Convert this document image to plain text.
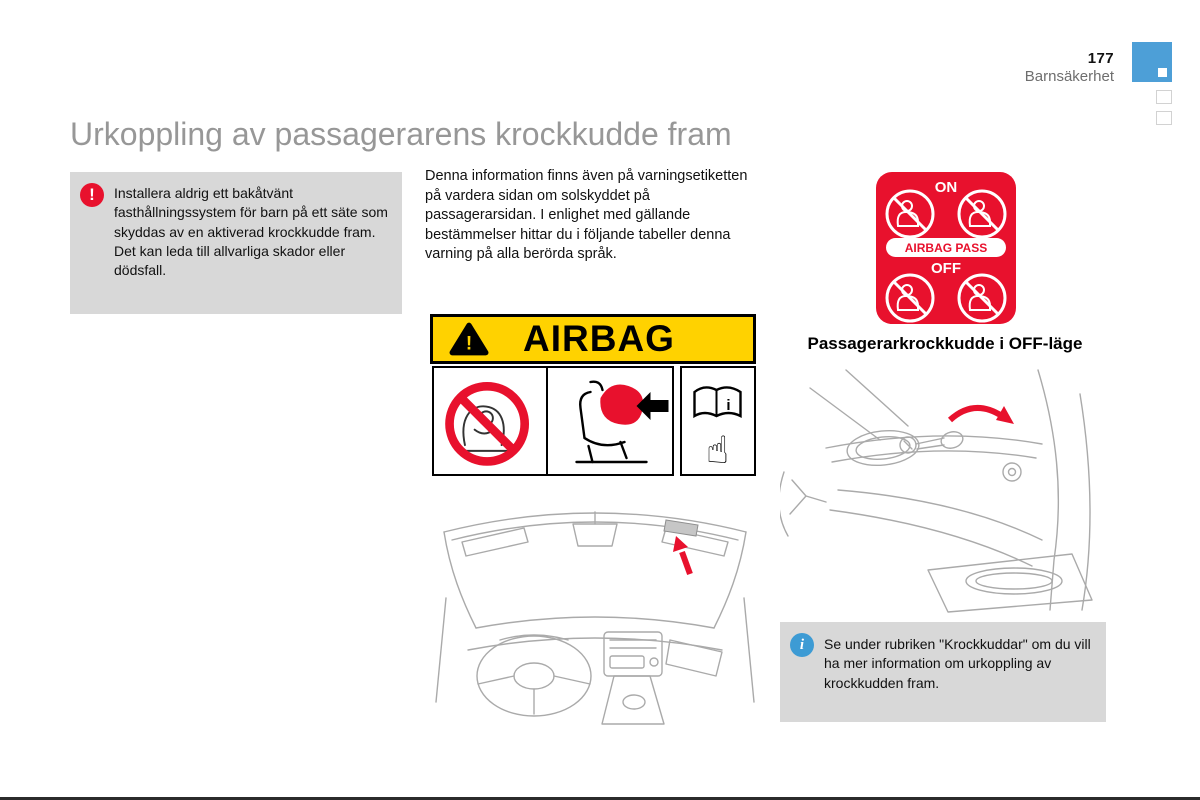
177
Barnsäkerhet
Urkoppling av passagerarens krockkudde fram
!	Installera aldrig ett bakåtvänt fasthållningssystem för barn på ett säte som skyddas av en aktiverad krockkudde fram. Det kan leda till allvarliga skador eller dödsfall.

Denna information finns även på varningsetiketten på vardera sidan om solskyddet på passagerarsidan. I enlighet med gällande bestämmelser hittar du i följande tabeller denna varning på alla berörda språk.

! AIRBAG
i
☝
ON
AIRBAG PASS
OFF
Passagerarkrockkudde i OFF-läge
i	Se under rubriken "Krockkuddar" om du vill ha mer information om urkoppling av krockkudden fram.
